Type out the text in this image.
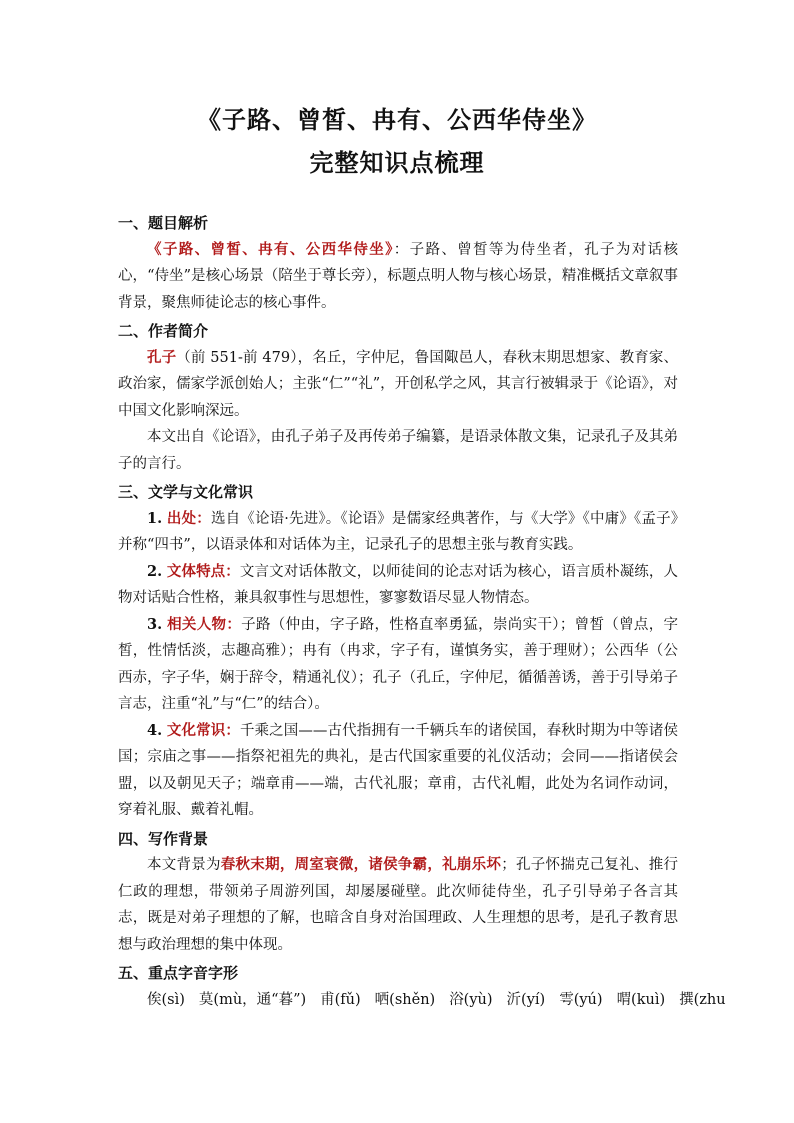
《子路、曾皙、冉有、公西华侍坐》
完整知识点梳理
一、题目解析

《子路、曾皙、冉有、公西华侍坐》：子路、曾皙等为侍坐者，孔子为对话核心，“侍坐”是核心场景（陪坐于尊长旁），标题点明人物与核心场景，精准概括文章叙事背景，聚焦师徒论志的核心事件。

二、作者简介

孔子（前 551-前 479），名丘，字仲尼，鲁国陬邑人，春秋末期思想家、教育家、政治家，儒家学派创始人；主张“仁”“礼”，开创私学之风，其言行被辑录于《论语》，对中国文化影响深远。

本文出自《论语》，由孔子弟子及再传弟子编纂，是语录体散文集，记录孔子及其弟子的言行。

三、文学与文化常识

1. 出处：选自《论语·先进》。《论语》是儒家经典著作，与《大学》《中庸》《孟子》并称“四书”，以语录体和对话体为主，记录孔子的思想主张与教育实践。

2. 文体特点：文言文对话体散文，以师徒间的论志对话为核心，语言质朴凝练，人物对话贴合性格，兼具叙事性与思想性，寥寥数语尽显人物情态。

3. 相关人物：子路（仲由，字子路，性格直率勇猛，崇尚实干）；曾皙（曾点，字皙，性情恬淡，志趣高雅）；冉有（冉求，字子有，谨慎务实，善于理财）；公西华（公西赤，字子华，娴于辞令，精通礼仪）；孔子（孔丘，字仲尼，循循善诱，善于引导弟子言志，注重“礼”与“仁”的结合）。

4. 文化常识：千乘之国——古代指拥有一千辆兵车的诸侯国，春秋时期为中等诸侯国；宗庙之事——指祭祀祖先的典礼，是古代国家重要的礼仪活动；会同——指诸侯会盟，以及朝见天子；端章甫——端，古代礼服；章甫，古代礼帽，此处为名词作动词，穿着礼服、戴着礼帽。

四、写作背景

本文背景为春秋末期，周室衰微，诸侯争霸，礼崩乐坏；孔子怀揣克己复礼、推行仁政的理想，带领弟子周游列国，却屡屡碰壁。此次师徒侍坐，孔子引导弟子各言其志，既是对弟子理想的了解，也暗含自身对治国理政、人生理想的思考，是孔子教育思想与政治理想的集中体现。

五、重点字音字形

俟(sì) 莫(mù，通“暮”) 甫(fǔ) 哂(shěn) 浴(yù) 沂(yí) 雩(yú) 喟(kuì) 撰(zhu
